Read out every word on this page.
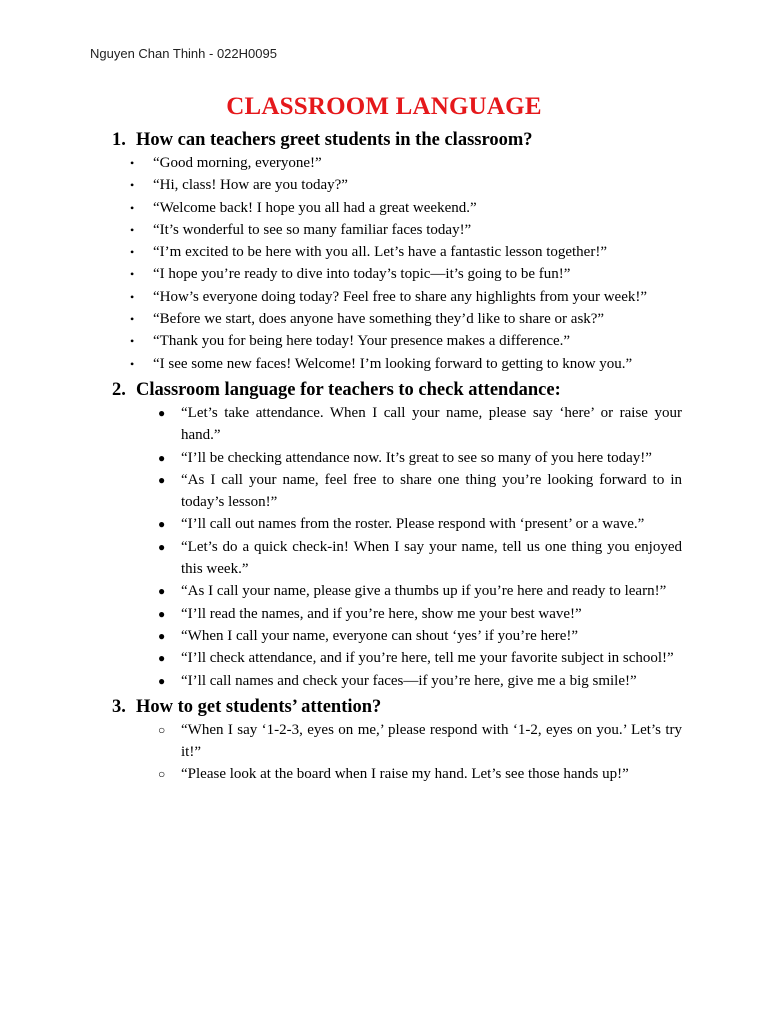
Nguyen Chan Thinh - 022H0095
CLASSROOM LANGUAGE
1. How can teachers greet students in the classroom?
• “Good morning, everyone!”
• “Hi, class! How are you today?”
• “Welcome back! I hope you all had a great weekend.”
• “It’s wonderful to see so many familiar faces today!”
• “I’m excited to be here with you all. Let’s have a fantastic lesson together!”
• “I hope you’re ready to dive into today’s topic—it’s going to be fun!”
• “How’s everyone doing today? Feel free to share any highlights from your week!”
• “Before we start, does anyone have something they’d like to share or ask?”
• “Thank you for being here today! Your presence makes a difference.”
• “I see some new faces! Welcome! I’m looking forward to getting to know you.”
2. Classroom language for teachers to check attendance:
● “Let’s take attendance. When I call your name, please say ‘here’ or raise your hand.”
● “I’ll be checking attendance now. It’s great to see so many of you here today!”
● “As I call your name, feel free to share one thing you’re looking forward to in today’s lesson!”
● “I’ll call out names from the roster. Please respond with ‘present’ or a wave.”
● “Let’s do a quick check-in! When I say your name, tell us one thing you enjoyed this week.”
● “As I call your name, please give a thumbs up if you’re here and ready to learn!”
● “I’ll read the names, and if you’re here, show me your best wave!”
● “When I call your name, everyone can shout ‘yes’ if you’re here!”
● “I’ll check attendance, and if you’re here, tell me your favorite subject in school!”
● “I’ll call names and check your faces—if you’re here, give me a big smile!”
3. How to get students’ attention?
○ “When I say ‘1-2-3, eyes on me,’ please respond with ‘1-2, eyes on you.’ Let’s try it!”
○ “Please look at the board when I raise my hand. Let’s see those hands up!”
